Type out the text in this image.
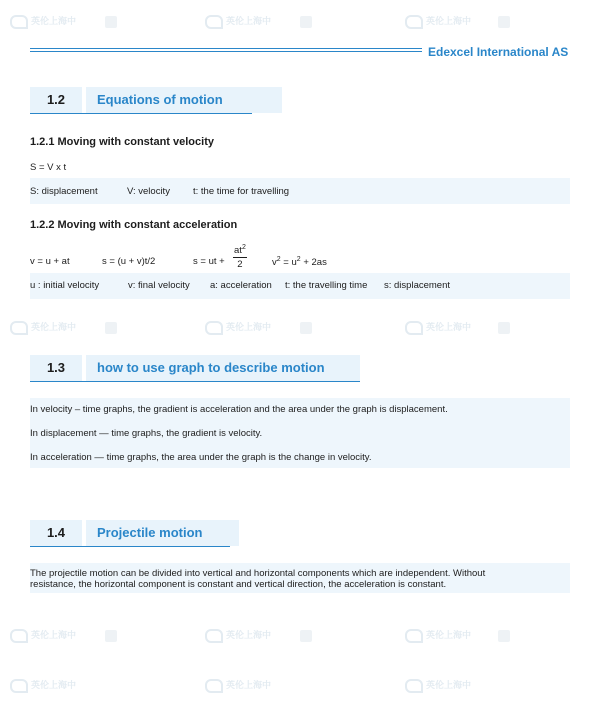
英伦上海中	英伦上海中	英伦上海中
英伦上海中	英伦上海中	英伦上海中
英伦上海中	英伦上海中	英伦上海中
英伦上海中	英伦上海中	英伦上海中
Edexcel International AS
1.2	Equations of motion
1.2.1 Moving with constant velocity
S = V x t
S: displacement	V: velocity t: the time for travelling
1.2.2 Moving with constant acceleration
v = u + at	s = (u + v)t/2	s = ut + $\frac{at^2}{2}$	$v^2 = u^2 + 2as$
u : initial velocity	v: final velocity a: acceleration t: the travelling time s: displacement
1.3	how to use graph to describe motion
In velocity – time graphs, the gradient is acceleration and the area under the graph is displacement.
In displacement — time graphs, the gradient is velocity.
In acceleration — time graphs, the area under the graph is the change in velocity.
1.4	Projectile motion
The projectile motion can be divided into vertical and horizontal components which are independent. Without
resistance, the horizontal component is constant and vertical direction, the acceleration is constant.
